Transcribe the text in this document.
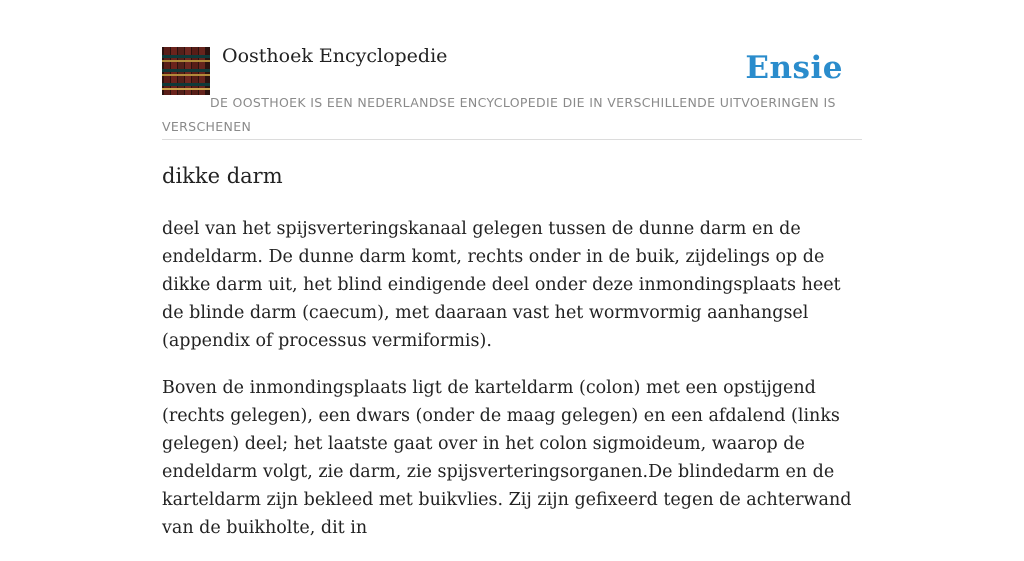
Oosthoek Encyclopedie	Ensie

DE OOSTHOEK IS EEN NEDERLANDSE ENCYCLOPEDIE DIE IN VERSCHILLENDE UITVOERINGEN IS VERSCHENEN

dikke darm

deel van het spijsverteringskanaal gelegen tussen de dunne darm en de endeldarm. De dunne darm komt, rechts onder in de buik, zijdelings op de dikke darm uit, het blind eindigende deel onder deze inmondingsplaats heet de blinde darm (caecum), met daaraan vast het wormvormig aanhangsel (appendix of processus vermiformis).

Boven de inmondingsplaats ligt de karteldarm (colon) met een opstijgend (rechts gelegen), een dwars (onder de maag gelegen) en een afdalend (links gelegen) deel; het laatste gaat over in het colon sigmoideum, waarop de endeldarm volgt, zie darm, zie spijsverteringsorganen.De blindedarm en de karteldarm zijn bekleed met buikvlies. Zij zijn gefixeerd tegen de achterwand van de buikholte, dit in
